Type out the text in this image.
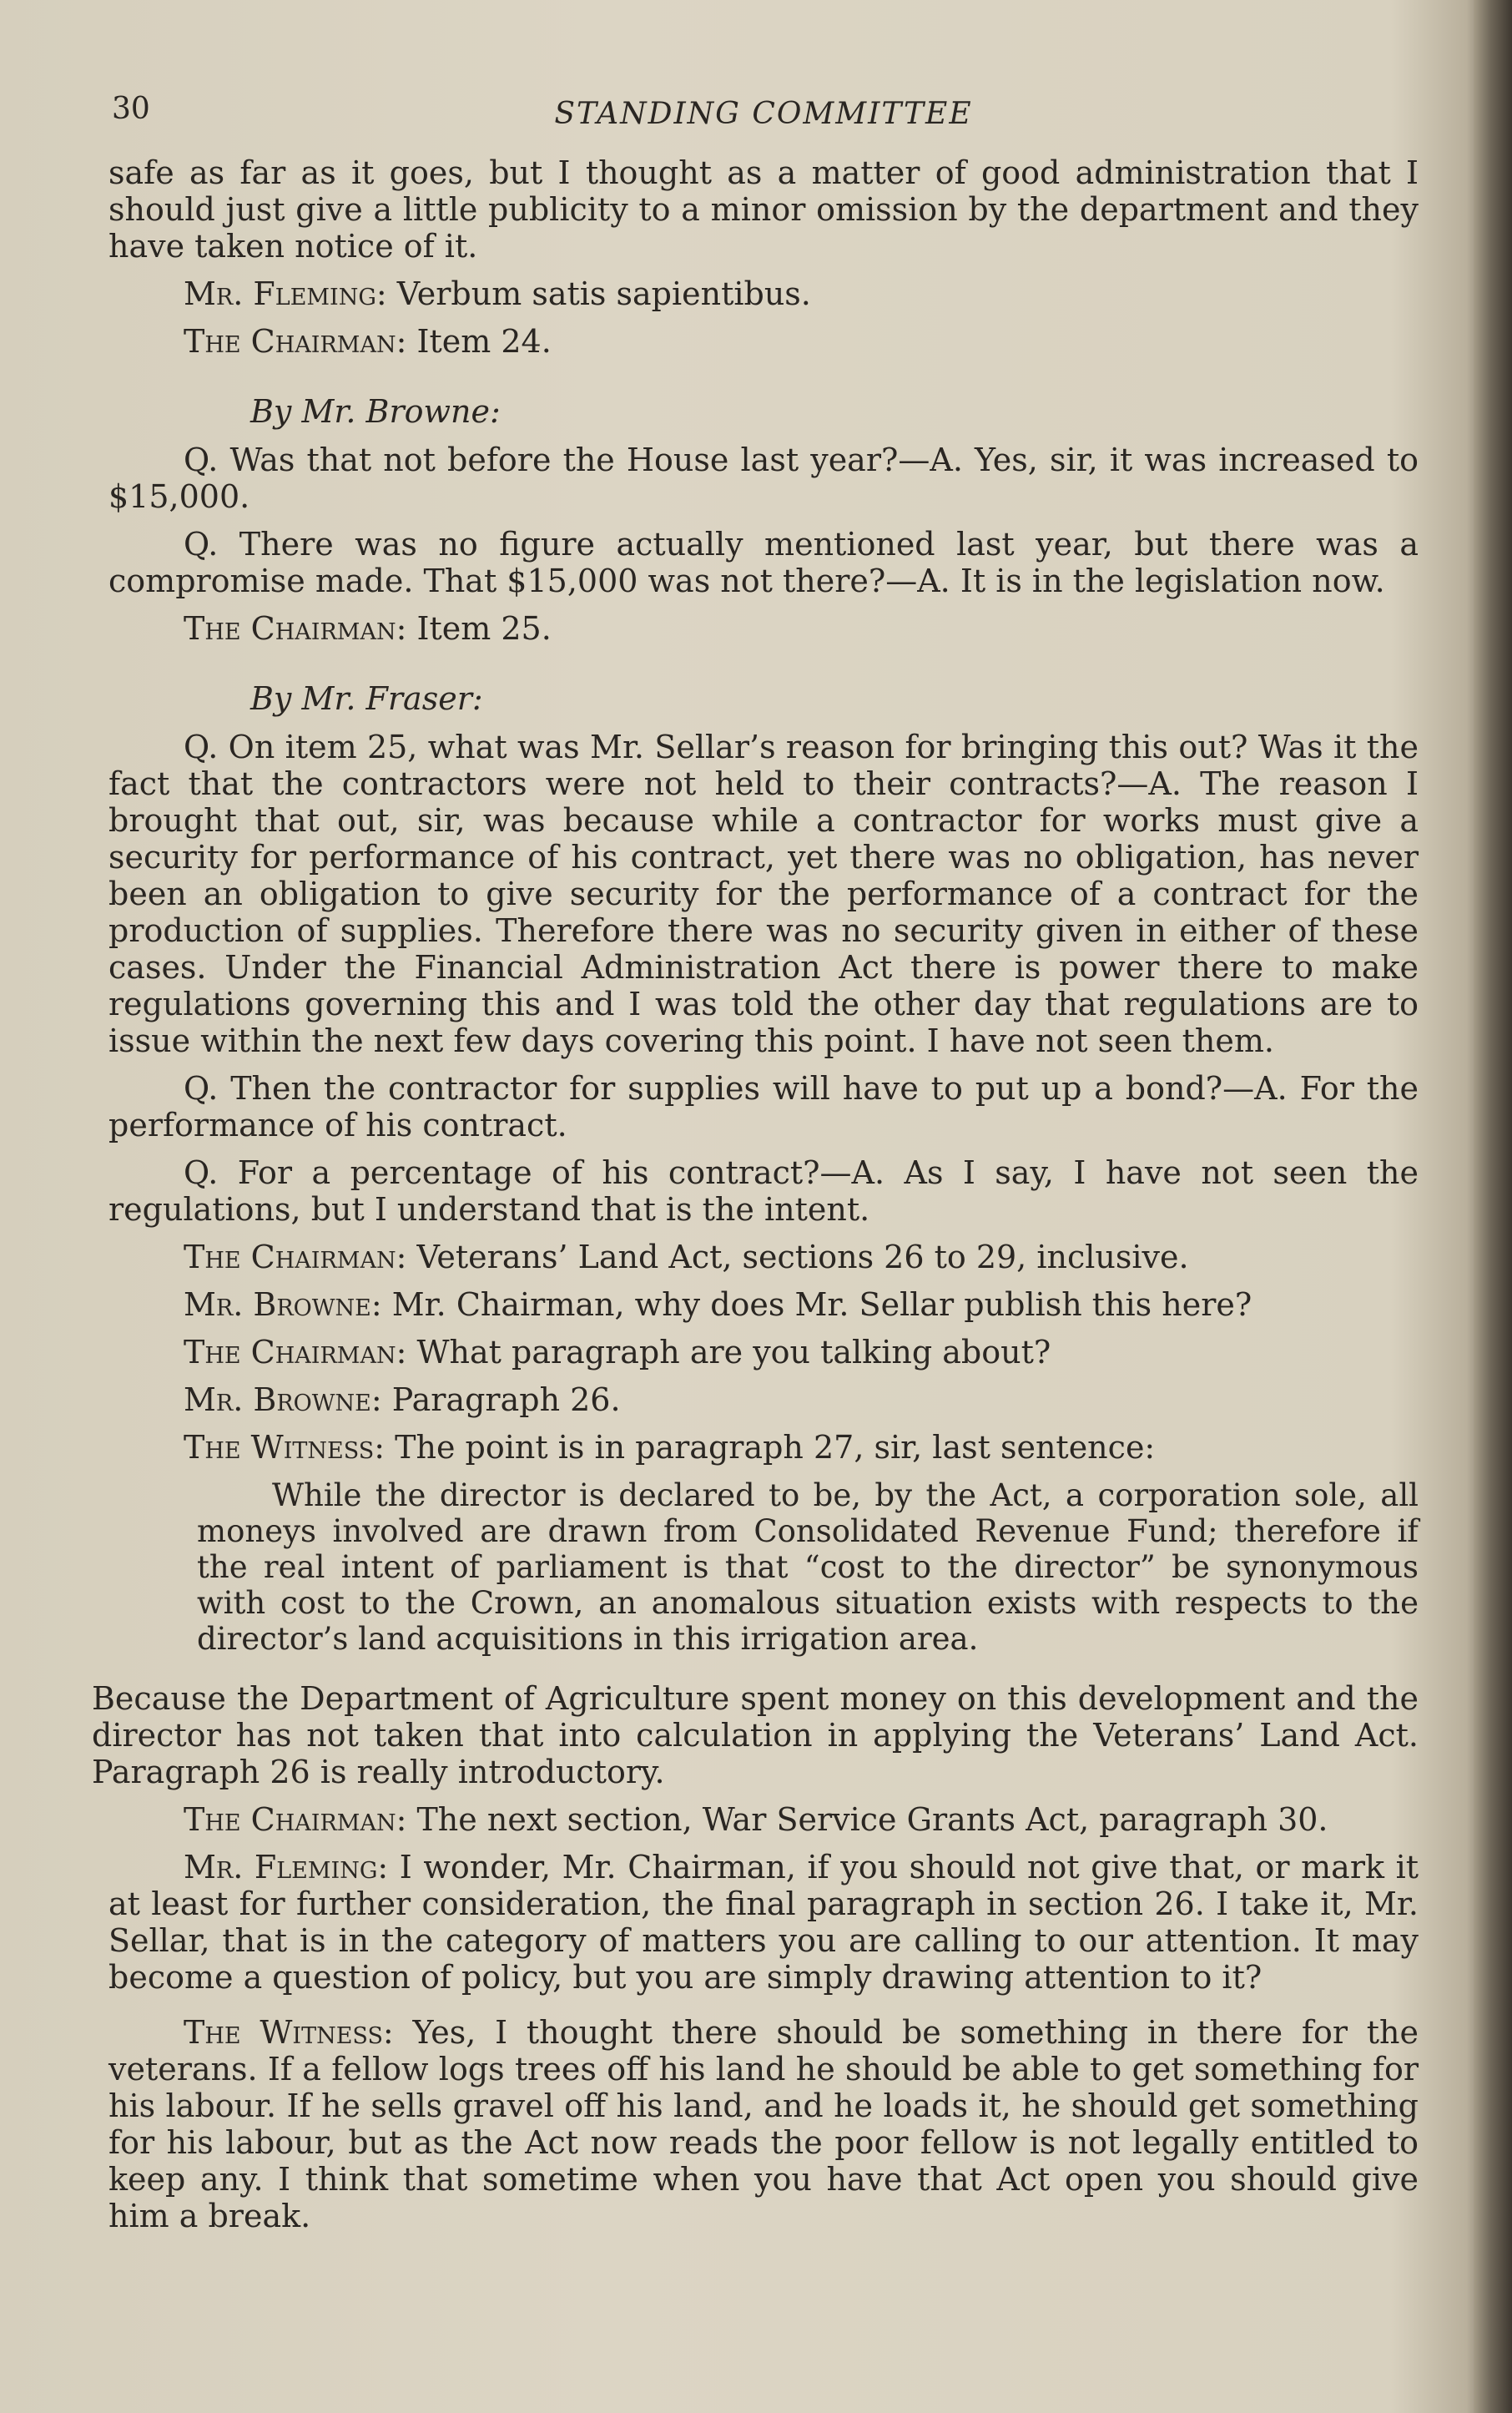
30	STANDING COMMITTEE

safe as far as it goes, but I thought as a matter of good administration that I should just give a little publicity to a minor omission by the department and they have taken notice of it.

Mr. Fleming: Verbum satis sapientibus.

The Chairman: Item 24.

By Mr. Browne:

Q. Was that not before the House last year?—A. Yes, sir, it was increased to $15,000.

Q. There was no figure actually mentioned last year, but there was a compromise made. That $15,000 was not there?—A. It is in the legislation now.

The Chairman: Item 25.

By Mr. Fraser:

Q. On item 25, what was Mr. Sellar’s reason for bringing this out? Was it the fact that the contractors were not held to their contracts?—A. The reason I brought that out, sir, was because while a contractor for works must give a security for performance of his contract, yet there was no obligation, has never been an obligation to give security for the performance of a contract for the production of supplies. Therefore there was no security given in either of these cases. Under the Financial Administration Act there is power there to make regulations governing this and I was told the other day that regulations are to issue within the next few days covering this point. I have not seen them.

Q. Then the contractor for supplies will have to put up a bond?—A. For the performance of his contract.

Q. For a percentage of his contract?—A. As I say, I have not seen the regulations, but I understand that is the intent.

The Chairman: Veterans’ Land Act, sections 26 to 29, inclusive.

Mr. Browne: Mr. Chairman, why does Mr. Sellar publish this here?

The Chairman: What paragraph are you talking about?

Mr. Browne: Paragraph 26.

The Witness: The point is in paragraph 27, sir, last sentence:

While the director is declared to be, by the Act, a corporation sole, all moneys involved are drawn from Consolidated Revenue Fund; therefore if the real intent of parliament is that “cost to the director” be synonymous with cost to the Crown, an anomalous situation exists with respects to the director’s land acquisitions in this irrigation area.

Because the Department of Agriculture spent money on this development and the director has not taken that into calculation in applying the Veterans’ Land Act. Paragraph 26 is really introductory.

The Chairman: The next section, War Service Grants Act, paragraph 30.

Mr. Fleming: I wonder, Mr. Chairman, if you should not give that, or mark it at least for further consideration, the final paragraph in section 26. I take it, Mr. Sellar, that is in the category of matters you are calling to our attention. It may become a question of policy, but you are simply drawing attention to it?

The Witness: Yes, I thought there should be something in there for the veterans. If a fellow logs trees off his land he should be able to get something for his labour. If he sells gravel off his land, and he loads it, he should get something for his labour, but as the Act now reads the poor fellow is not legally entitled to keep any. I think that sometime when you have that Act open you should give him a break.
